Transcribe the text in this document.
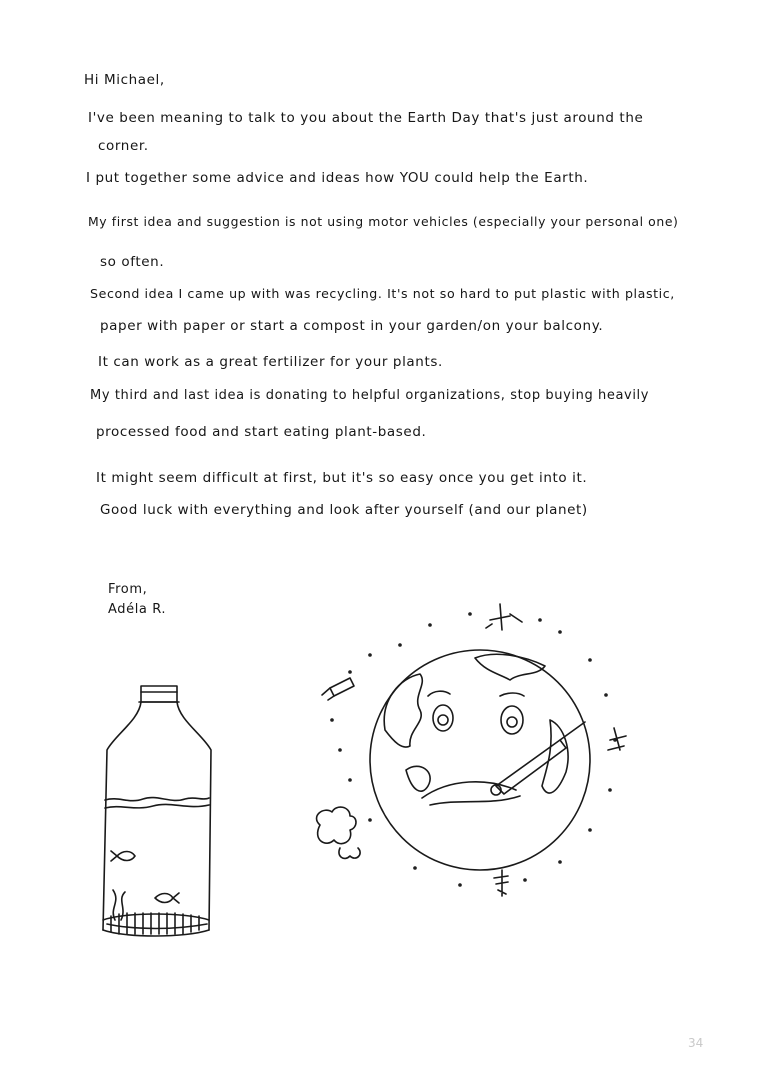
Hi Michael,
I've been meaning to talk to you about the Earth Day that's just around the
corner.
I put together some advice and ideas how YOU could help the Earth.
My first idea and suggestion is not using motor vehicles (especially your personal one)
so often.
Second idea I came up with was recycling. It's not so hard to put plastic with plastic,
paper with paper or start a compost in your garden/on your balcony.
It can work as a great fertilizer for your plants.
My third and last idea is donating to helpful organizations, stop buying heavily
processed food and start eating plant-based.
It might seem difficult at first, but it's so easy once you get into it.
Good luck with everything and look after yourself (and our planet)
From,
Adéla R.
34
